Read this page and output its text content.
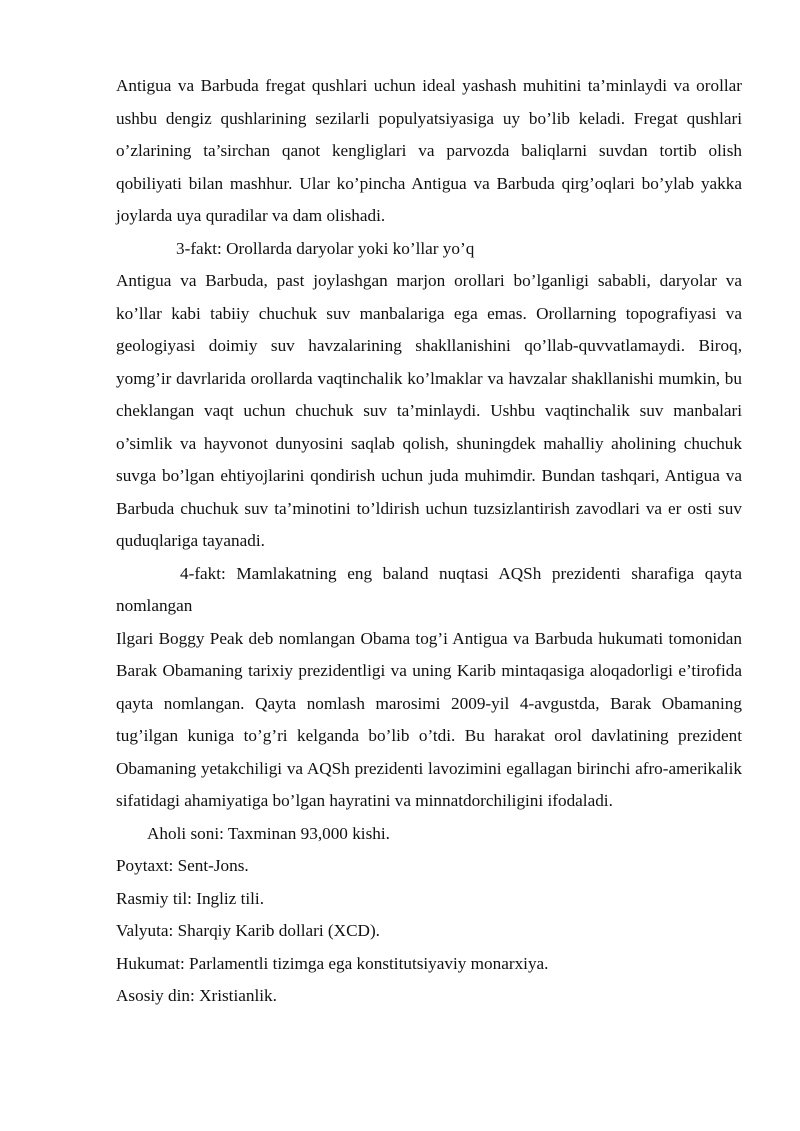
Antigua va Barbuda fregat qushlari uchun ideal yashash muhitini ta’minlaydi va orollar ushbu dengiz qushlarining sezilarli populyatsiyasiga uy bo’lib keladi. Fregat qushlari o’zlarining ta’sirchan qanot kengliglari va parvozda baliqlarni suvdan tortib olish qobiliyati bilan mashhur. Ular ko’pincha Antigua va Barbuda qirg’oqlari bo’ylab yakka joylarda uya quradilar va dam olishadi.

3-fakt: Orollarda daryolar yoki ko’llar yo’q

Antigua va Barbuda, past joylashgan marjon orollari bo’lganligi sababli, daryolar va ko’llar kabi tabiiy chuchuk suv manbalariga ega emas. Orollarning topografiyasi va geologiyasi doimiy suv havzalarining shakllanishini qo’llab-quvvatlamaydi. Biroq, yomg’ir davrlarida orollarda vaqtinchalik ko’lmaklar va havzalar shakllanishi mumkin, bu cheklangan vaqt uchun chuchuk suv ta’minlaydi. Ushbu vaqtinchalik suv manbalari o’simlik va hayvonot dunyosini saqlab qolish, shuningdek mahalliy aholining chuchuk suvga bo’lgan ehtiyojlarini qondirish uchun juda muhimdir. Bundan tashqari, Antigua va Barbuda chuchuk suv ta’minotini to’ldirish uchun tuzsizlantirish zavodlari va er osti suv quduqlariga tayanadi.

4-fakt: Mamlakatning eng baland nuqtasi AQSh prezidenti sharafiga qayta nomlangan

Ilgari Boggy Peak deb nomlangan Obama tog’i Antigua va Barbuda hukumati tomonidan Barak Obamaning tarixiy prezidentligi va uning Karib mintaqasiga aloqadorligi e’tirofida qayta nomlangan. Qayta nomlash marosimi 2009-yil 4-avgustda, Barak Obamaning tug’ilgan kuniga to’g’ri kelganda bo’lib o’tdi. Bu harakat orol davlatining prezident Obamaning yetakchiligi va AQSh prezidenti lavozimini egallagan birinchi afro-amerikalik sifatidagi ahamiyatiga bo’lgan hayratini va minnatdorchiligini ifodaladi.

Aholi soni: Taxminan 93,000 kishi.

Poytaxt: Sent-Jons.

Rasmiy til: Ingliz tili.

Valyuta: Sharqiy Karib dollari (XCD).

Hukumat: Parlamentli tizimga ega konstitutsiyaviy monarxiya.

Asosiy din: Xristianlik.
